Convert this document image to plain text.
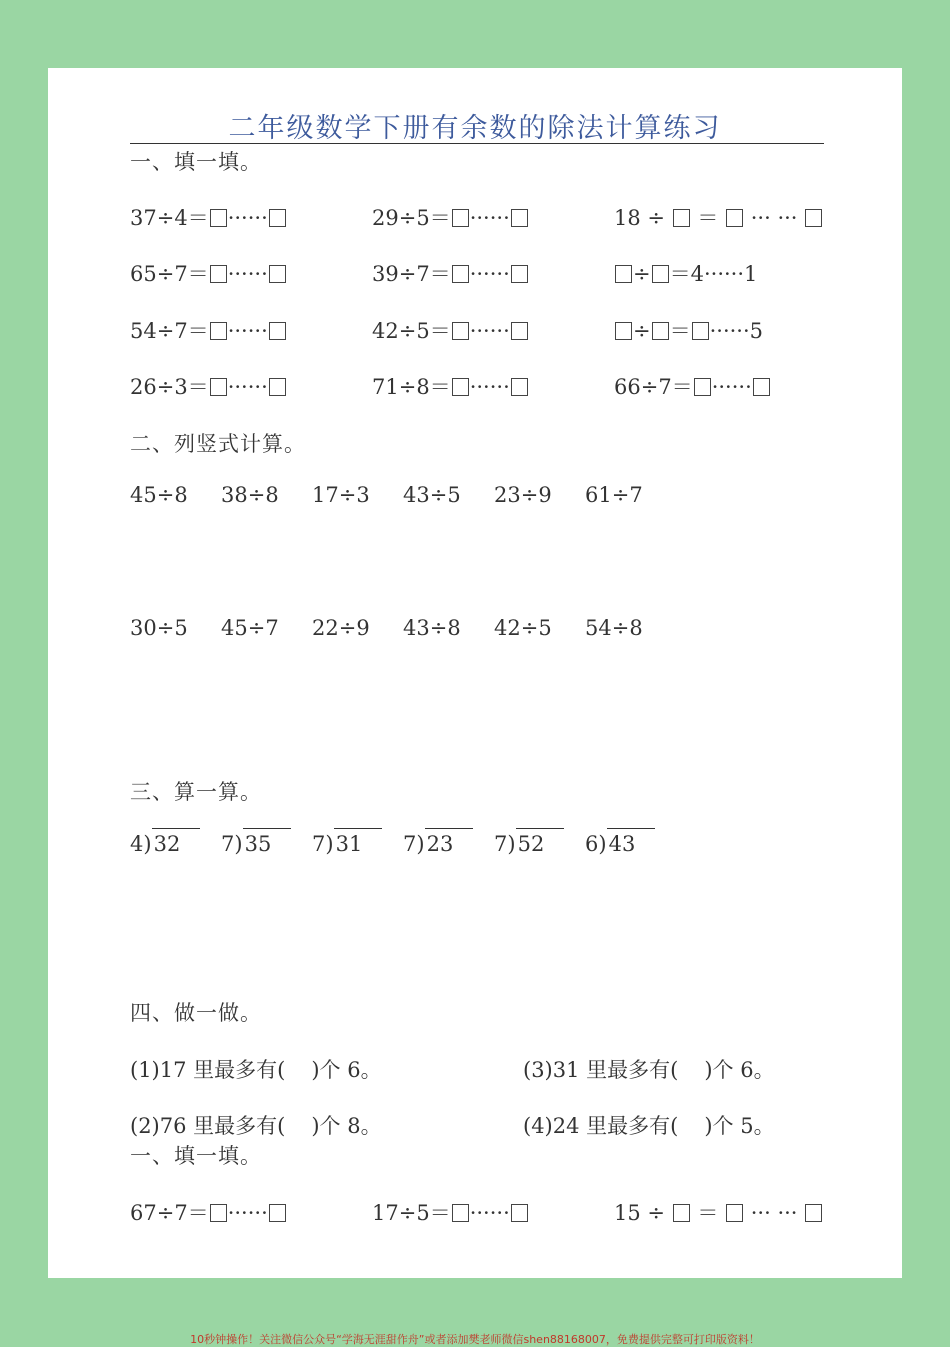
二年级数学下册有余数的除法计算练习
一、填一填。
37÷4＝ ······	29÷5＝ ······	18 ÷ ＝ ··· ···
65÷7＝ ······	39÷7＝ ······	÷ ＝4······1
54÷7＝ ······	42÷5＝ ······	÷ ＝ ······5
26÷3＝ ······	71÷8＝ ······	66÷7＝ ······
二、列竖式计算。
45÷8 38÷8 17÷3 43÷5 23÷9 61÷7
30÷5 45÷7 22÷9 43÷8 42÷5 54÷8
三、算一算。
4)32 7)35 7)31 7)23 7)52 6)43
四、做一做。
(1)17 里最多有( )个 6。	(3)31 里最多有( )个 6。
(2)76 里最多有( )个 8。	(4)24 里最多有( )个 5。
一、填一填。
67÷7＝ ······	17÷5＝ ······	15 ÷ ＝ ··· ···
10秒钟操作！关注微信公众号“学海无涯甜作舟”或者添加樊老师微信shen88168007，免费提供完整可打印版资料！
